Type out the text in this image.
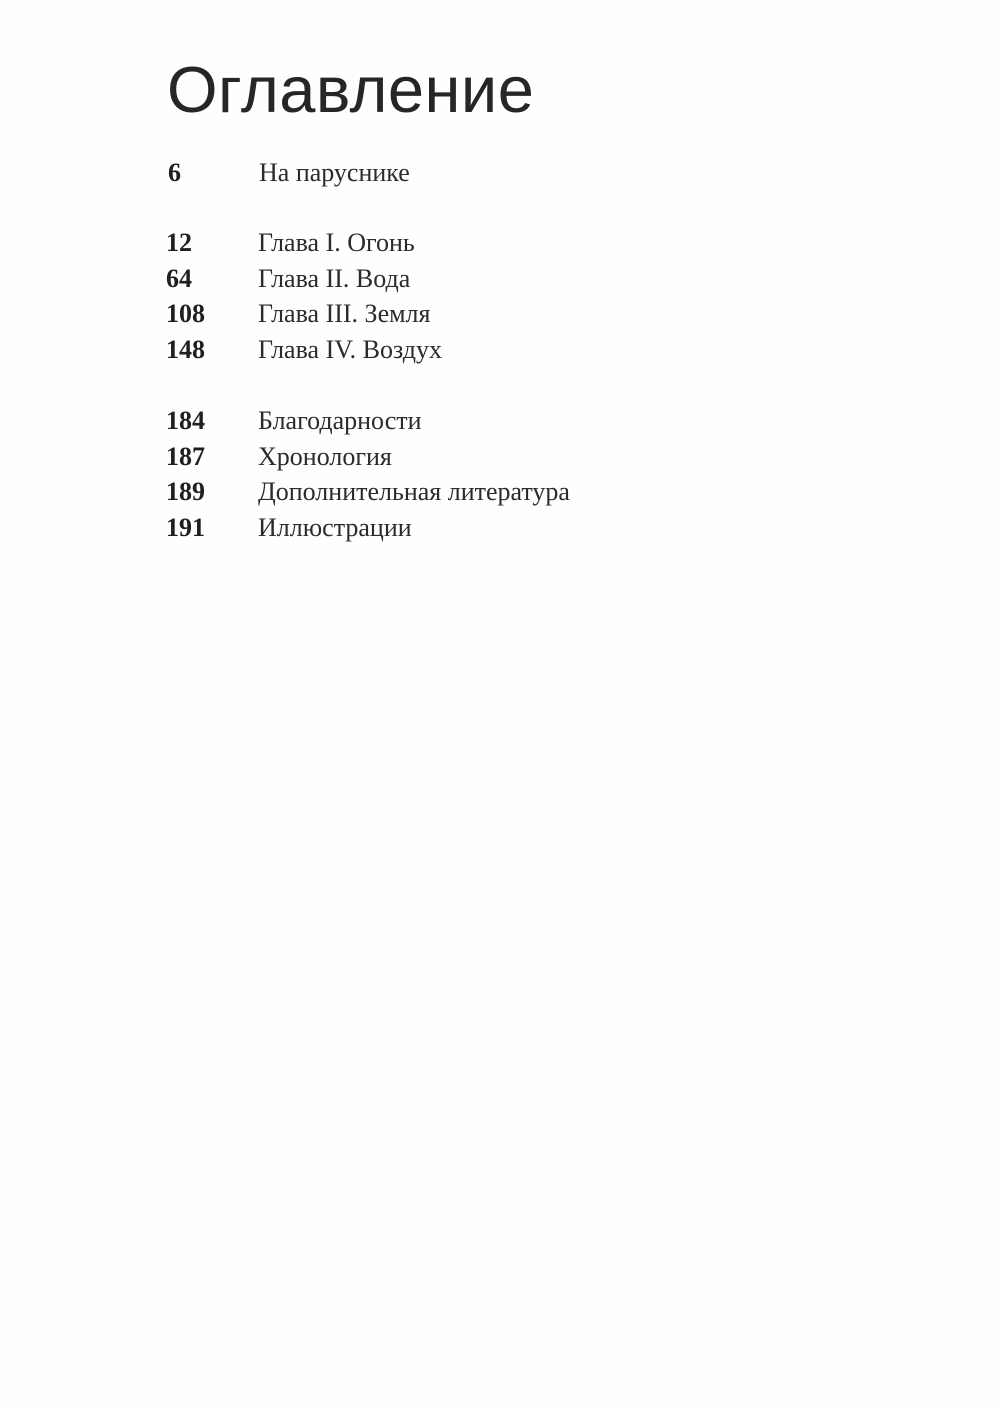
Оглавление
6	На паруснике
12	Глава I. Огонь
64	Глава II. Вода
108 Глава III. Земля
148 Глава IV. Воздух
184 Благодарности
187 Хронология
189 Дополнительная литература
191 Иллюстрации
